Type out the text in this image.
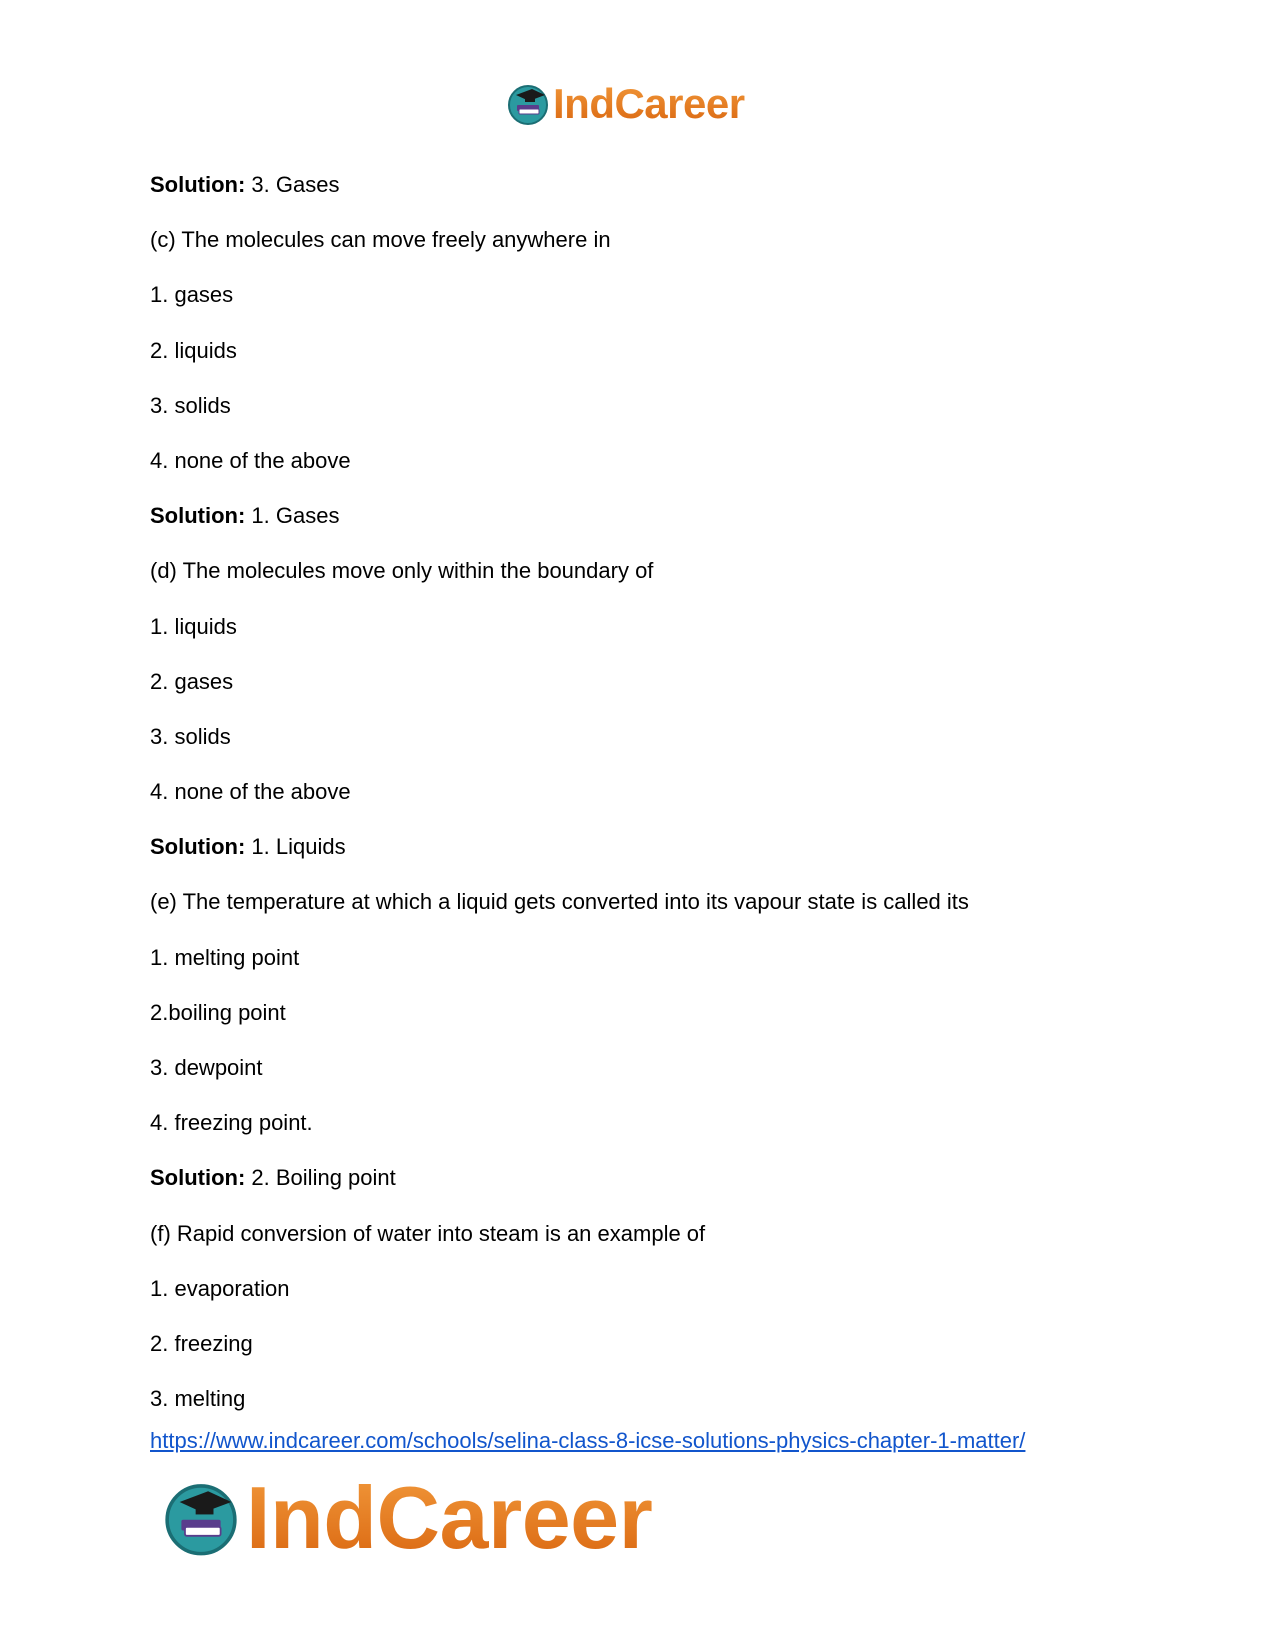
IndCareer
Solution: 3. Gases
(c) The molecules can move freely anywhere in
1. gases
2. liquids
3. solids
4. none of the above
Solution: 1. Gases
(d) The molecules move only within the boundary of
1. liquids
2. gases
3. solids
4. none of the above
Solution: 1. Liquids
(e) The temperature at which a liquid gets converted into its vapour state is called its
1. melting point
2.boiling point
3. dewpoint
4. freezing point.
Solution: 2. Boiling point
(f) Rapid conversion of water into steam is an example of
1. evaporation
2. freezing
3. melting
https://www.indcareer.com/schools/selina-class-8-icse-solutions-physics-chapter-1-matter/
IndCareer
